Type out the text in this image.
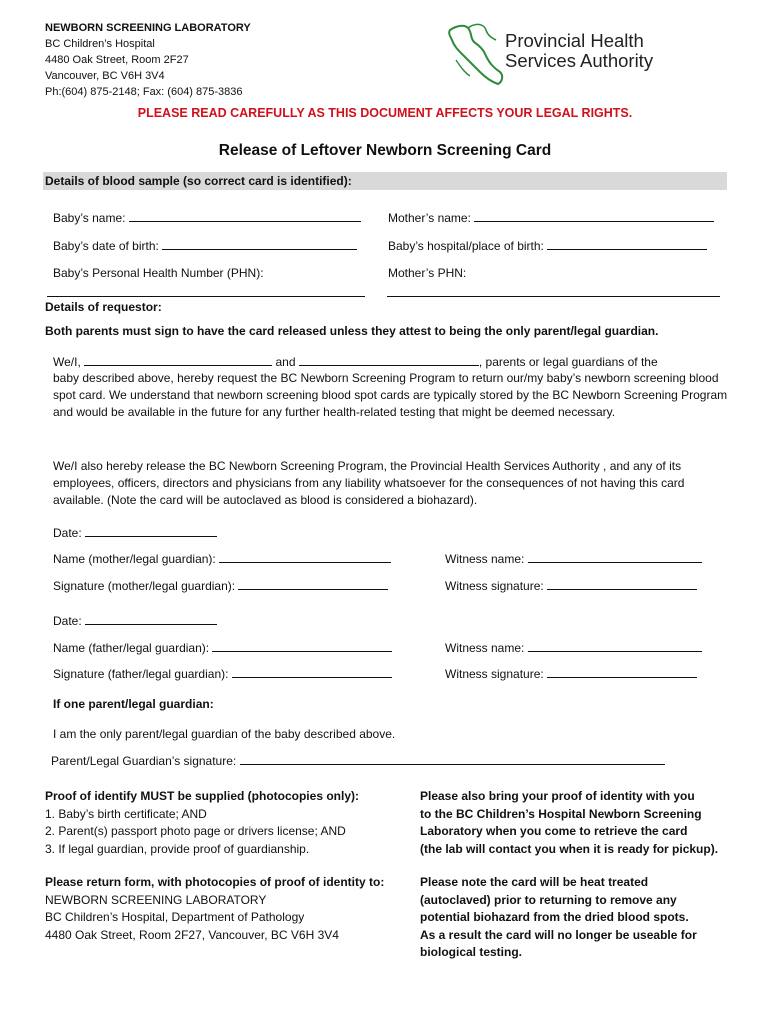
NEWBORN SCREENING LABORATORY
BC Children’s Hospital
4480 Oak Street, Room 2F27
Vancouver, BC V6H 3V4
Ph:(604) 875-2148; Fax: (604) 875-3836
Provincial Health
Services Authority
PLEASE READ CAREFULLY AS THIS DOCUMENT AFFECTS YOUR LEGAL RIGHTS.
Release of Leftover Newborn Screening Card
Details of blood sample (so correct card is identified):
Baby’s name:	Mother’s name:
Baby’s date of birth:	Baby’s hospital/place of birth:
Baby’s Personal Health Number (PHN):	Mother’s PHN:
Details of requestor:
Both parents must sign to have the card released unless they attest to being the only parent/legal guardian.
We/I,	and	, parents or legal guardians of the
baby described above, hereby request the BC Newborn Screening Program to return our/my baby’s newborn screening blood spot card. We understand that newborn screening blood spot cards are typically stored by the BC Newborn Screening Program and would be available in the future for any further health-related testing that might be deemed necessary.
We/I also hereby release the BC Newborn Screening Program, the Provincial Health Services Authority , and any of its employees, officers, directors and physicians from any liability whatsoever for the consequences of not having this card available. (Note the card will be autoclaved as blood is considered a biohazard).
Date:
Name (mother/legal guardian):	Witness name:
Signature (mother/legal guardian):	Witness signature:
Date:
Name (father/legal guardian):	Witness name:
Signature (father/legal guardian):	Witness signature:
If one parent/legal guardian:
I am the only parent/legal guardian of the baby described above.
Parent/Legal Guardian’s signature:
Proof of identify MUST be supplied (photocopies only):
1. Baby’s birth certificate; AND
2. Parent(s) passport photo page or drivers license; AND
3. If legal guardian, provide proof of guardianship.
Please return form, with photocopies of proof of identity to:
NEWBORN SCREENING LABORATORY
BC Children’s Hospital, Department of Pathology
4480 Oak Street, Room 2F27, Vancouver, BC V6H 3V4
Please also bring your proof of identity with you
to the BC Children’s Hospital Newborn Screening
Laboratory when you come to retrieve the card
(the lab will contact you when it is ready for pickup).
Please note the card will be heat treated
(autoclaved) prior to returning to remove any
potential biohazard from the dried blood spots.
As a result the card will no longer be useable for
biological testing.
